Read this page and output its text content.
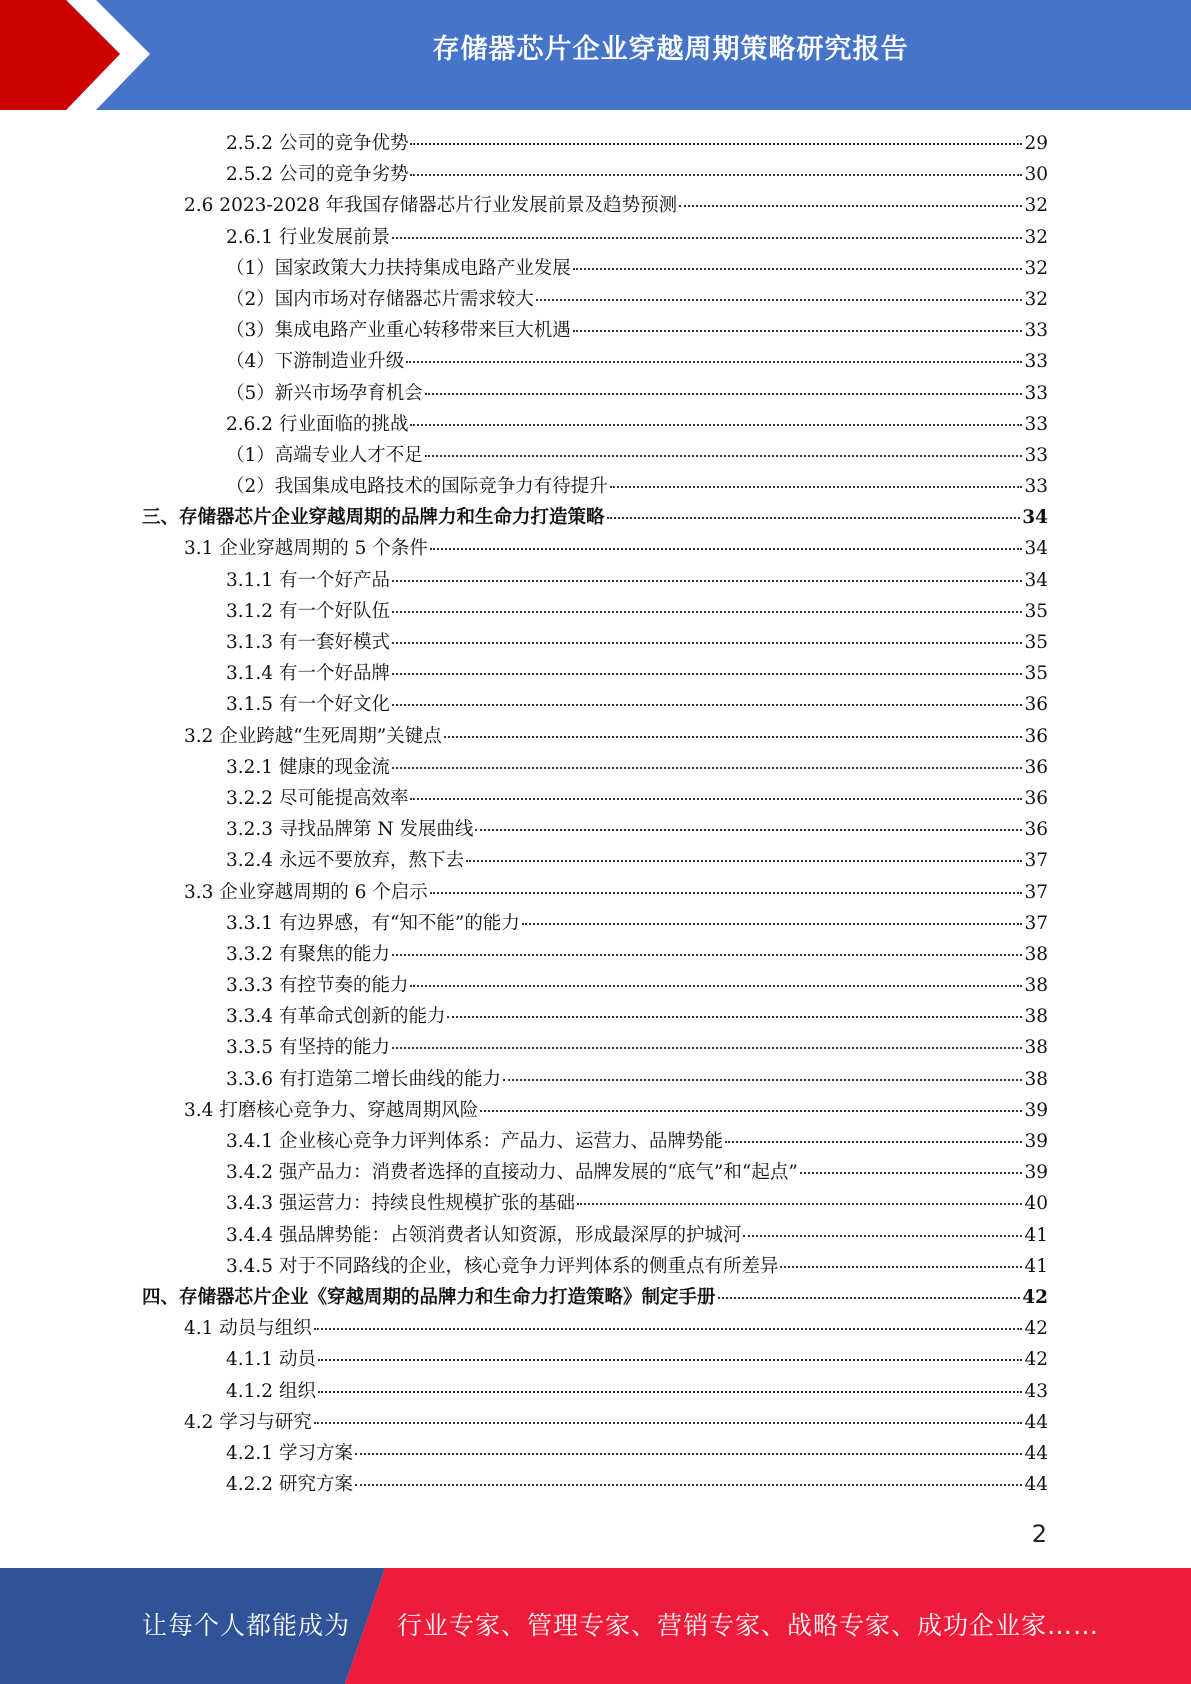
存储器芯片企业穿越周期策略研究报告
2.5.2 公司的竞争优势	29
2.5.2 公司的竞争劣势	30
2.6 2023-2028 年我国存储器芯片行业发展前景及趋势预测	32
2.6.1 行业发展前景	32
（1）国家政策大力扶持集成电路产业发展	32
（2）国内市场对存储器芯片需求较大	32
（3）集成电路产业重心转移带来巨大机遇	33
（4）下游制造业升级	33
（5）新兴市场孕育机会	33
2.6.2 行业面临的挑战	33
（1）高端专业人才不足	33
（2）我国集成电路技术的国际竞争力有待提升	33
三、存储器芯片企业穿越周期的品牌力和生命力打造策略	34
3.1 企业穿越周期的 5 个条件	34
3.1.1 有一个好产品	34
3.1.2 有一个好队伍	35
3.1.3 有一套好模式	35
3.1.4 有一个好品牌	35
3.1.5 有一个好文化	36
3.2 企业跨越“生死周期”关键点	36
3.2.1 健康的现金流	36
3.2.2 尽可能提高效率	36
3.2.3 寻找品牌第 N 发展曲线	36
3.2.4 永远不要放弃，熬下去	37
3.3 企业穿越周期的 6 个启示	37
3.3.1 有边界感，有“知不能”的能力	37
3.3.2 有聚焦的能力	38
3.3.3 有控节奏的能力	38
3.3.4 有革命式创新的能力	38
3.3.5 有坚持的能力	38
3.3.6 有打造第二增长曲线的能力	38
3.4 打磨核心竞争力、穿越周期风险	39
3.4.1 企业核心竞争力评判体系：产品力、运营力、品牌势能	39
3.4.2 强产品力：消费者选择的直接动力、品牌发展的“底气”和“起点”	39
3.4.3 强运营力：持续良性规模扩张的基础	40
3.4.4 强品牌势能：占领消费者认知资源，形成最深厚的护城河	41
3.4.5 对于不同路线的企业，核心竞争力评判体系的侧重点有所差异	41
四、存储器芯片企业《穿越周期的品牌力和生命力打造策略》制定手册	42
4.1 动员与组织	42
4.1.1 动员	42
4.1.2 组织	43
4.2 学习与研究	44
4.2.1 学习方案	44
4.2.2 研究方案	44
2
让每个人都能成为 行业专家、管理专家、营销专家、战略专家、成功企业家……
